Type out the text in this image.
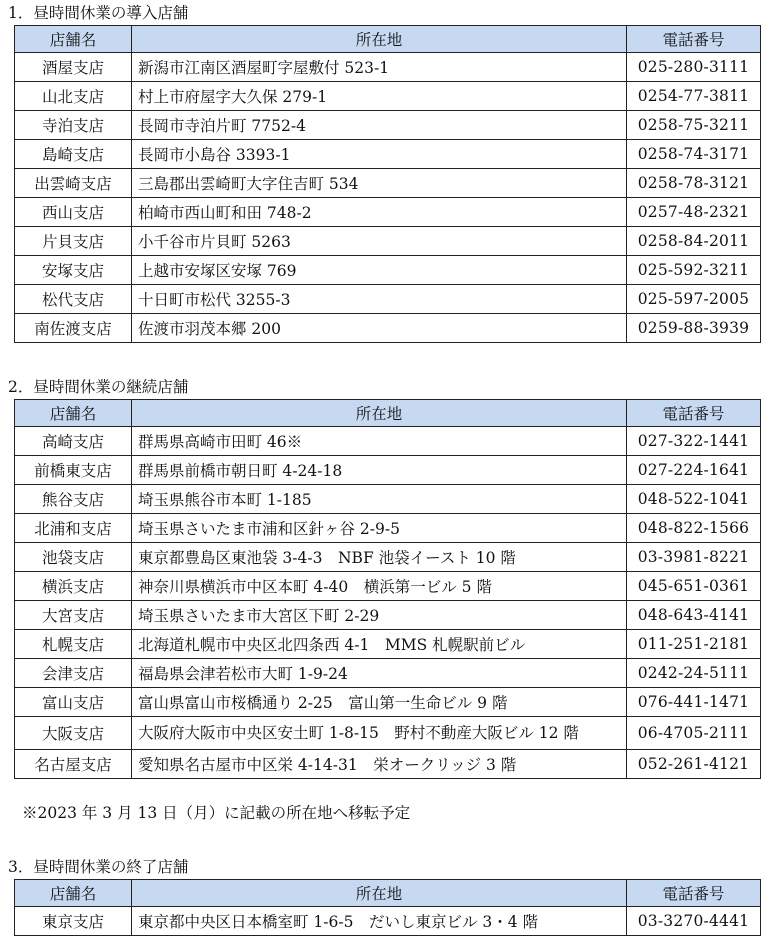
1．昼時間休業の導入店舗
店舗名	所在地	電話番号
酒屋支店	新潟市江南区酒屋町字屋敷付 523-1	025-280-3111
山北支店	村上市府屋字大久保 279-1	0254-77-3811
寺泊支店	長岡市寺泊片町 7752-4	0258-75-3211
島崎支店	長岡市小島谷 3393-1	0258-74-3171
出雲崎支店	三島郡出雲崎町大字住吉町 534	0258-78-3121
西山支店	柏崎市西山町和田 748-2	0257-48-2321
片貝支店	小千谷市片貝町 5263	0258-84-2011
安塚支店	上越市安塚区安塚 769	025-592-3211
松代支店	十日町市松代 3255-3	025-597-2005
南佐渡支店	佐渡市羽茂本郷 200	0259-88-3939
2．昼時間休業の継続店舗
店舗名	所在地	電話番号
高崎支店	群馬県高崎市田町 46※	027-322-1441
前橋東支店	群馬県前橋市朝日町 4-24-18	027-224-1641
熊谷支店	埼玉県熊谷市本町 1-185	048-522-1041
北浦和支店	埼玉県さいたま市浦和区針ヶ谷 2-9-5	048-822-1566
池袋支店	東京都豊島区東池袋 3-4-3　NBF 池袋イースト 10 階	03-3981-8221
横浜支店	神奈川県横浜市中区本町 4-40　横浜第一ビル 5 階	045-651-0361
大宮支店	埼玉県さいたま市大宮区下町 2-29	048-643-4141
札幌支店	北海道札幌市中央区北四条西 4-1　MMS 札幌駅前ビル	011-251-2181
会津支店	福島県会津若松市大町 1-9-24	0242-24-5111
富山支店	富山県富山市桜橋通り 2-25　富山第一生命ビル 9 階	076-441-1471
大阪支店	大阪府大阪市中央区安土町 1-8-15　野村不動産大阪ビル 12 階	06-4705-2111
名古屋支店	愛知県名古屋市中区栄 4-14-31　栄オークリッジ 3 階	052-261-4121
※2023 年 3 月 13 日（月）に記載の所在地へ移転予定
3．昼時間休業の終了店舗
店舗名	所在地	電話番号
東京支店	東京都中央区日本橋室町 1-6-5　だいし東京ビル 3・4 階	03-3270-4441
